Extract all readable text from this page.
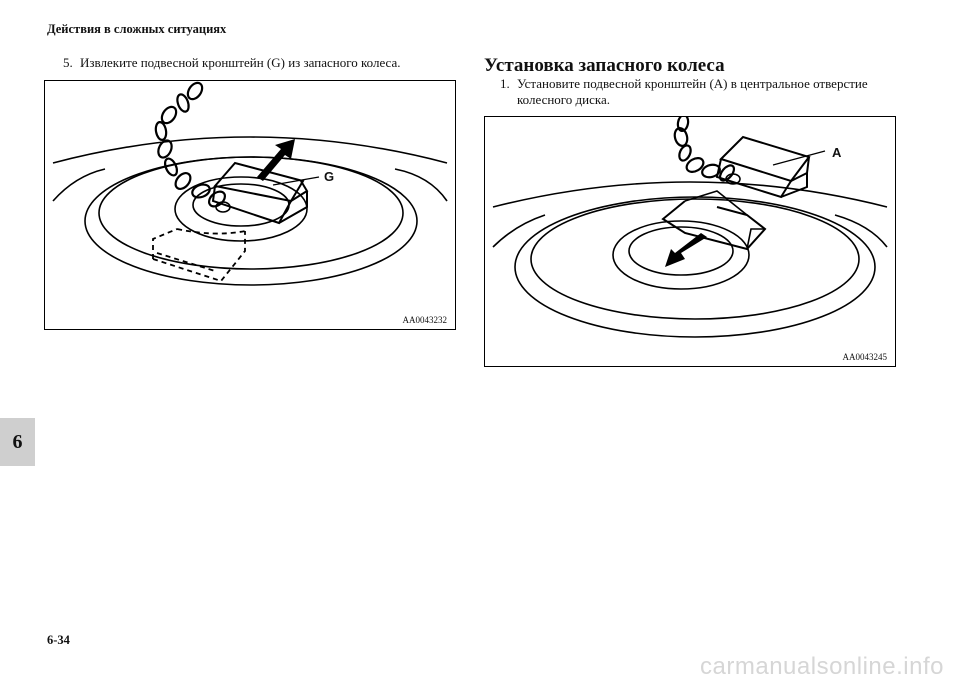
Действия в сложных ситуациях
6
5. Извлеките подвесной кронштейн (G) из запасного колеса.
G
AA0043232
Установка запасного колеса
1. Установите подвесной кронштейн (A) в центральное отверстие
колесного диска.
A
AA0043245
6-34
carmanualsonline.info
